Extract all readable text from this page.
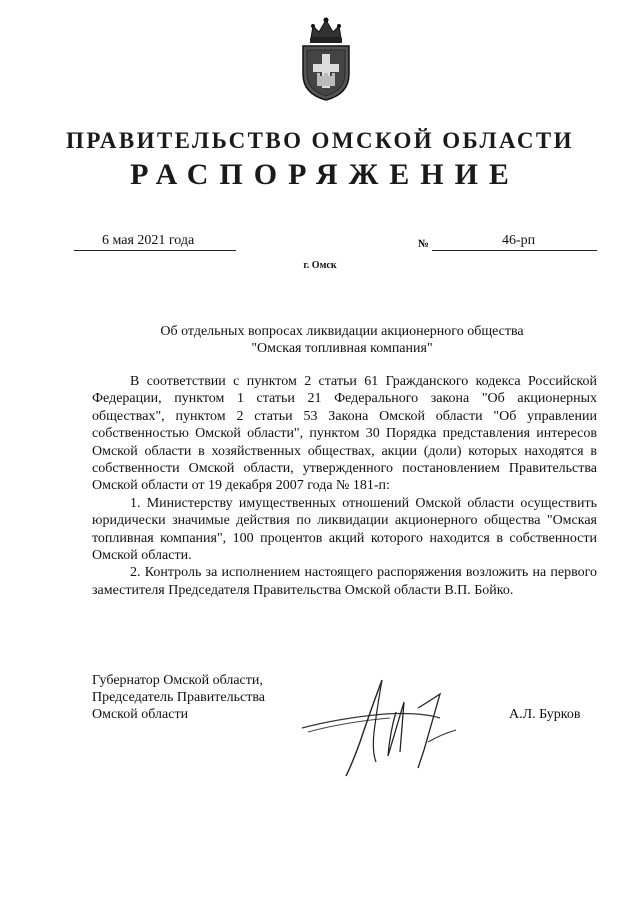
ПРАВИТЕЛЬСТВО ОМСКОЙ ОБЛАСТИ
РАСПОРЯЖЕНИЕ
6 мая 2021 года	№	46-рп
г. Омск
Об отдельных вопросах ликвидации акционерного общества
"Омская топливная компания"

В соответствии с пунктом 2 статьи 61 Гражданского кодекса Российской Федерации, пунктом 1 статьи 21 Федерального закона "Об акционерных обществах", пунктом 2 статьи 53 Закона Омской области "Об управлении собственностью Омской области", пунктом 30 Порядка представления интересов Омской области в хозяйственных обществах, акции (доли) которых находятся в собственности Омской области, утвержденного постановлением Правительства Омской области от 19 декабря 2007 года № 181-п:

1. Министерству имущественных отношений Омской области осуществить юридически значимые действия по ликвидации акционерного общества "Омская топливная компания", 100 процентов акций которого находится в собственности Омской области.

2. Контроль за исполнением настоящего распоряжения возложить на первого заместителя Председателя Правительства Омской области В.П. Бойко.

Губернатор Омской области,
Председатель Правительства
Омской области	А.Л. Бурков
